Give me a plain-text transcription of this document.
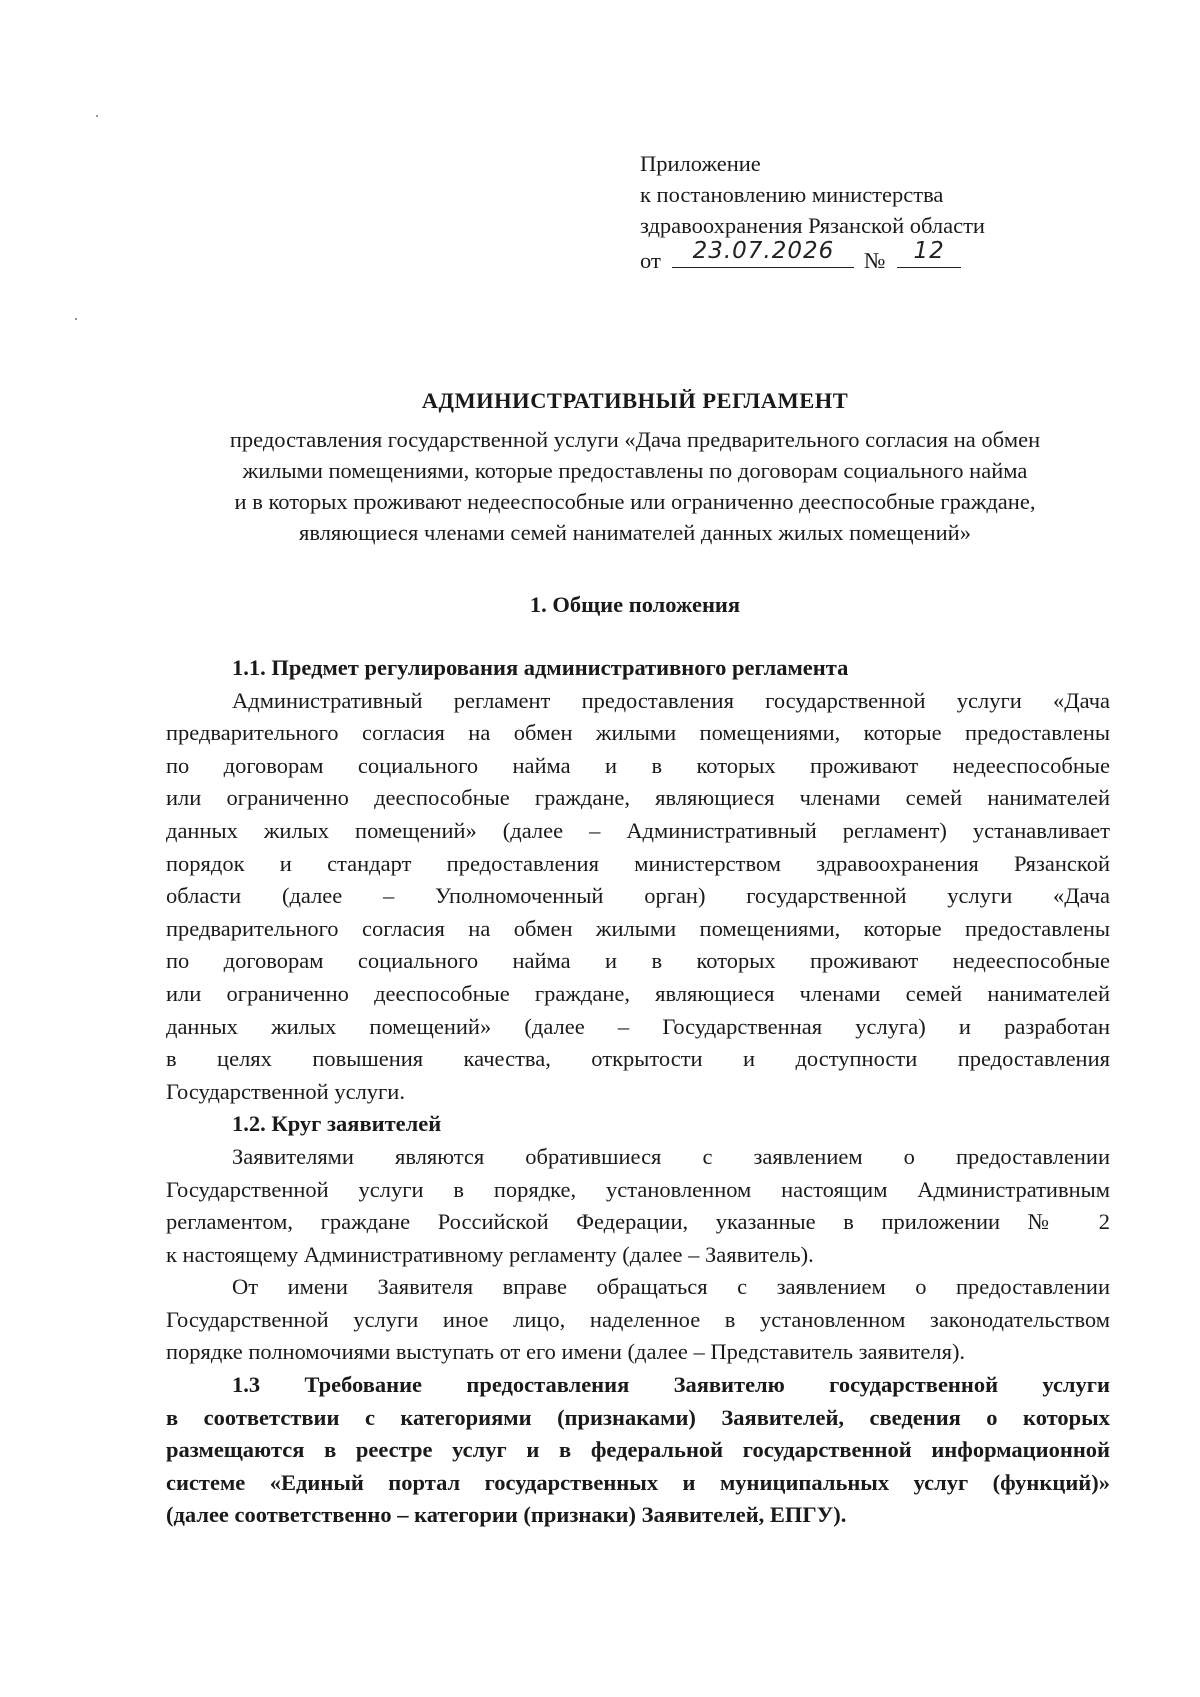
Приложение
к постановлению министерства
здравоохранения Рязанской области
от	23.07.2026	№	12
АДМИНИСТРАТИВНЫЙ РЕГЛАМЕНТ
предоставления государственной услуги «Дача предварительного согласия на обмен
жилыми помещениями, которые предоставлены по договорам социального найма
и в которых проживают недееспособные или ограниченно дееспособные граждане,
являющиеся членами семей нанимателей данных жилых помещений»
1. Общие положения
1.1. Предмет регулирования административного регламента
Административный регламент предоставления государственной услуги «Дача
предварительного согласия на обмен жилыми помещениями, которые предоставлены
по договорам социального найма и в которых проживают недееспособные
или ограниченно дееспособные граждане, являющиеся членами семей нанимателей
данных жилых помещений» (далее – Административный регламент) устанавливает
порядок и стандарт предоставления министерством здравоохранения Рязанской
области (далее – Уполномоченный орган) государственной услуги «Дача
предварительного согласия на обмен жилыми помещениями, которые предоставлены
по договорам социального найма и в которых проживают недееспособные
или ограниченно дееспособные граждане, являющиеся членами семей нанимателей
данных жилых помещений» (далее – Государственная услуга) и разработан
в целях повышения качества, открытости и доступности предоставления
Государственной услуги.
1.2. Круг заявителей
Заявителями являются обратившиеся с заявлением о предоставлении
Государственной услуги в порядке, установленном настоящим Административным
регламентом, граждане Российской Федерации, указанные в приложении № 2
к настоящему Административному регламенту (далее – Заявитель).
От имени Заявителя вправе обращаться с заявлением о предоставлении
Государственной услуги иное лицо, наделенное в установленном законодательством
порядке полномочиями выступать от его имени (далее – Представитель заявителя).
1.3 Требование предоставления Заявителю государственной услуги
в соответствии с категориями (признаками) Заявителей, сведения о которых
размещаются в реестре услуг и в федеральной государственной информационной
системе «Единый портал государственных и муниципальных услуг (функций)»
(далее соответственно – категории (признаки) Заявителей, ЕПГУ).
